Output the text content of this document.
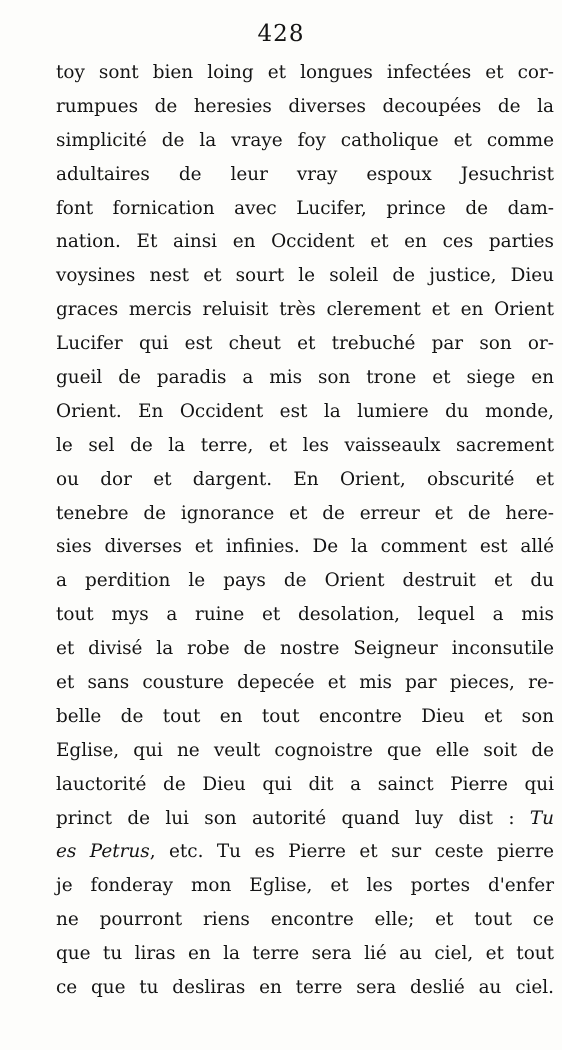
428
toy sont bien loing et longues infectées et cor-
rumpues de heresies diverses decoupées de la
simplicité de la vraye foy catholique et comme
adultaires de leur vray espoux Jesuchrist
font fornication avec Lucifer, prince de dam-
nation. Et ainsi en Occident et en ces parties
voysines nest et sourt le soleil de justice, Dieu
graces mercis reluisit très clerement et en Orient
Lucifer qui est cheut et trebuché par son or-
gueil de paradis a mis son trone et siege en
Orient. En Occident est la lumiere du monde,
le sel de la terre, et les vaisseaulx sacrement
ou dor et dargent. En Orient, obscurité et
tenebre de ignorance et de erreur et de here-
sies diverses et infinies. De la comment est allé
a perdition le pays de Orient destruit et du
tout mys a ruine et desolation, lequel a mis
et divisé la robe de nostre Seigneur inconsutile
et sans cousture depecée et mis par pieces, re-
belle de tout en tout encontre Dieu et son
Eglise, qui ne veult cognoistre que elle soit de
lauctorité de Dieu qui dit a sainct Pierre qui
princt de lui son autorité quand luy dist : Tu
es Petrus, etc. Tu es Pierre et sur ceste pierre
je fonderay mon Eglise, et les portes d'enfer
ne pourront riens encontre elle; et tout ce
que tu liras en la terre sera lié au ciel, et tout
ce que tu desliras en terre sera deslié au ciel.
